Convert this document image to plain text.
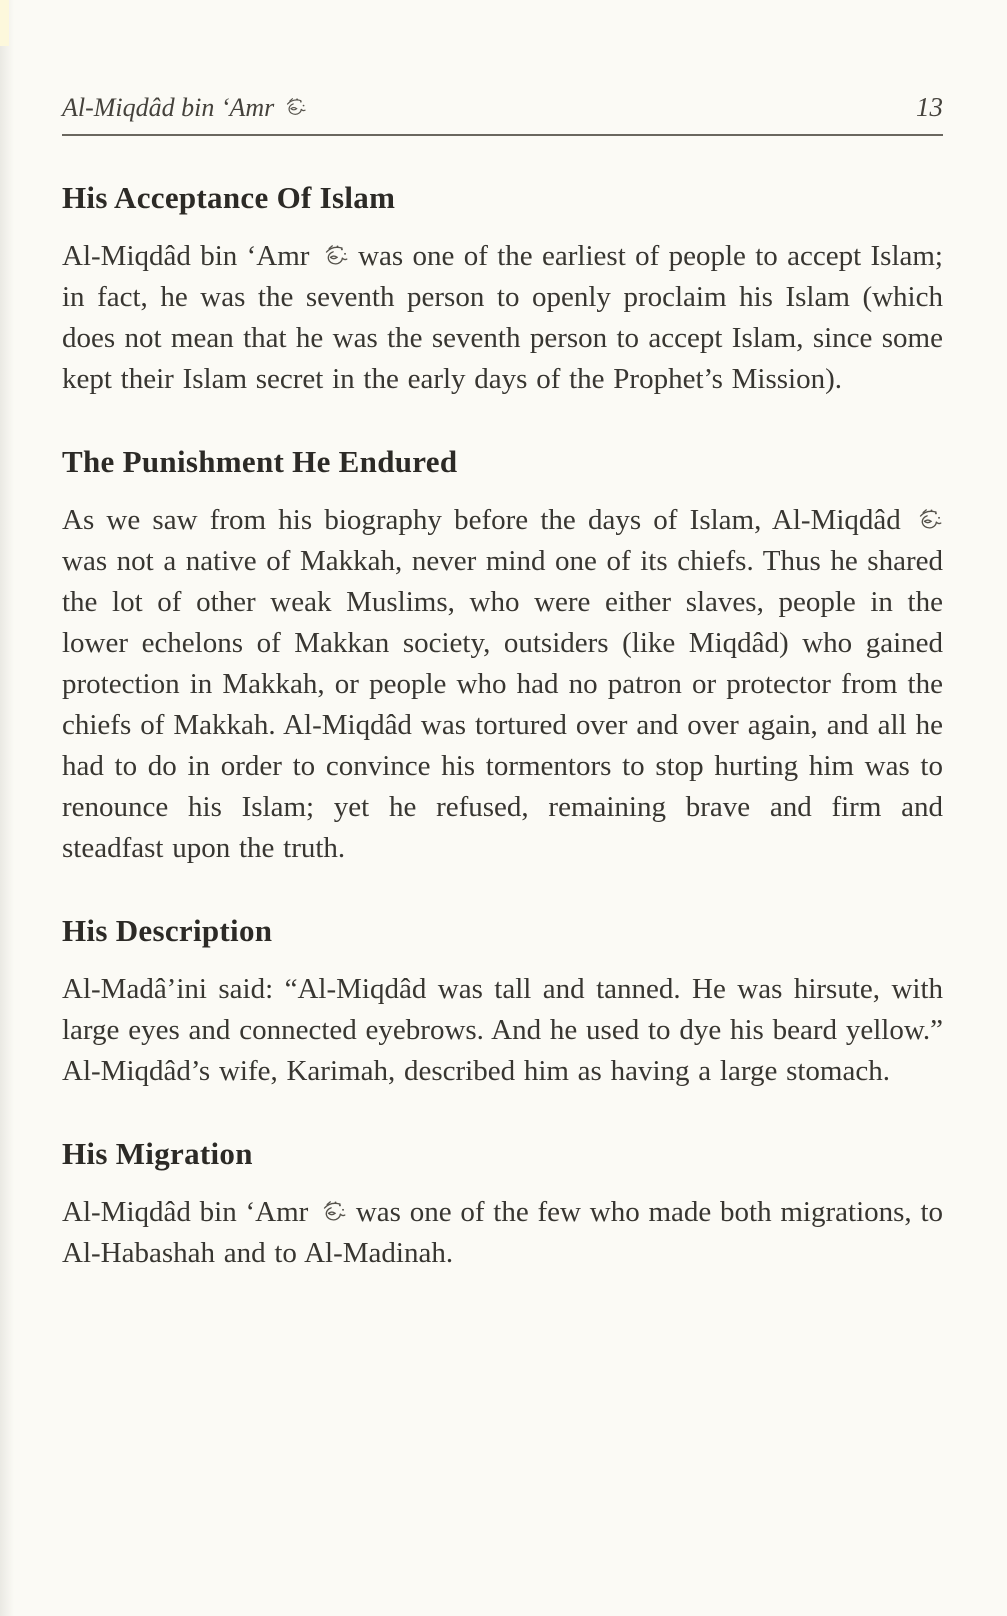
Al-Miqdâd bin ‘Amr	13
His Acceptance Of Islam

Al-Miqdâd bin ‘Amr  was one of the earliest of people to accept Islam; in fact, he was the seventh person to openly proclaim his Islam (which does not mean that he was the seventh person to accept Islam, since some kept their Islam secret in the early days of the Prophet’s Mission).

The Punishment He Endured

As we saw from his biography before the days of Islam, Al-Miqdâd  was not a native of Makkah, never mind one of its chiefs. Thus he shared the lot of other weak Muslims, who were either slaves, people in the lower echelons of Makkan society, outsiders (like Miqdâd) who gained protection in Makkah, or people who had no patron or protector from the chiefs of Makkah. Al-Miqdâd was tortured over and over again, and all he had to do in order to convince his tormentors to stop hurting him was to renounce his Islam; yet he refused, remaining brave and firm and steadfast upon the truth.

His Description

Al-Madâ’ini said: “Al-Miqdâd was tall and tanned. He was hirsute, with large eyes and connected eyebrows. And he used to dye his beard yellow.” Al-Miqdâd’s wife, Karimah, described him as having a large stomach.

His Migration

Al-Miqdâd bin ‘Amr  was one of the few who made both migrations, to Al-Habashah and to Al-Madinah.
